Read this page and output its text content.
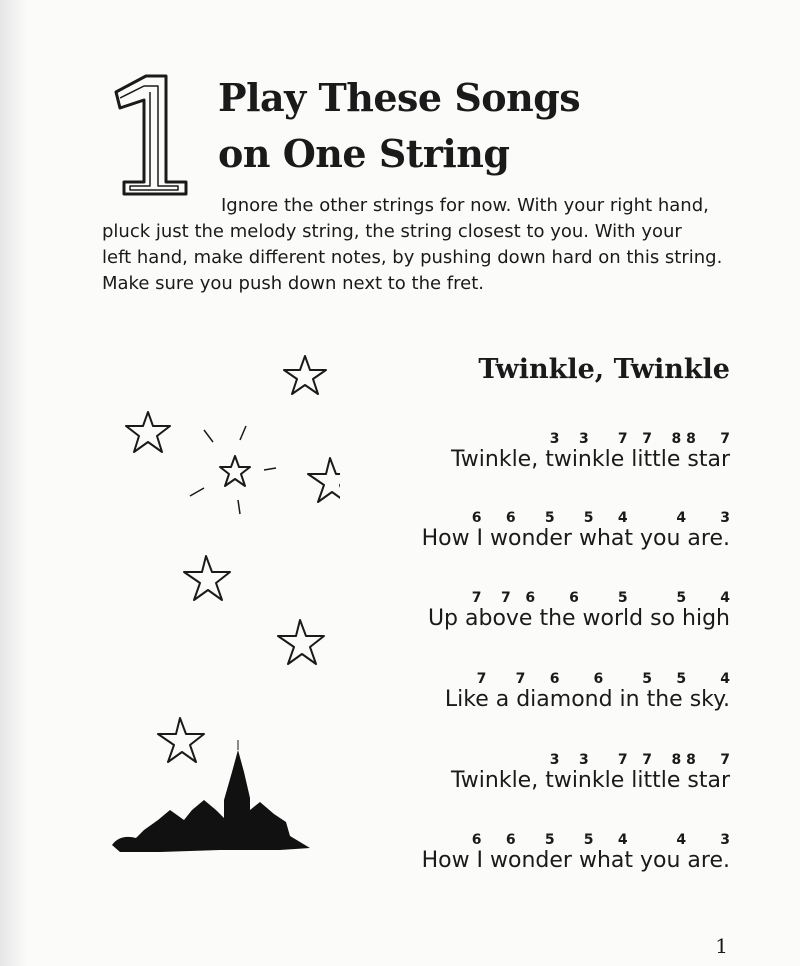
Play These Songs
on One String

Ignore the other strings for now. With your right hand,

pluck just the melody string, the string closest to you. With your
left hand, make different notes, by pushing down hard on this string.
Make sure you push down next to the fret.
Twinkle, Twinkle
3    3      7   7    8 8     7
Twinkle, twinkle little star
6     6      5      5     4          4       3
How I wonder what you are.
7    7   6       6        5          5       4
Up above the world so high
7      7     6       6        5     5       4
Like a diamond in the sky.
3    3      7   7    8 8     7
Twinkle, twinkle little star
6     6      5      5     4          4       3
How I wonder what you are.
1
